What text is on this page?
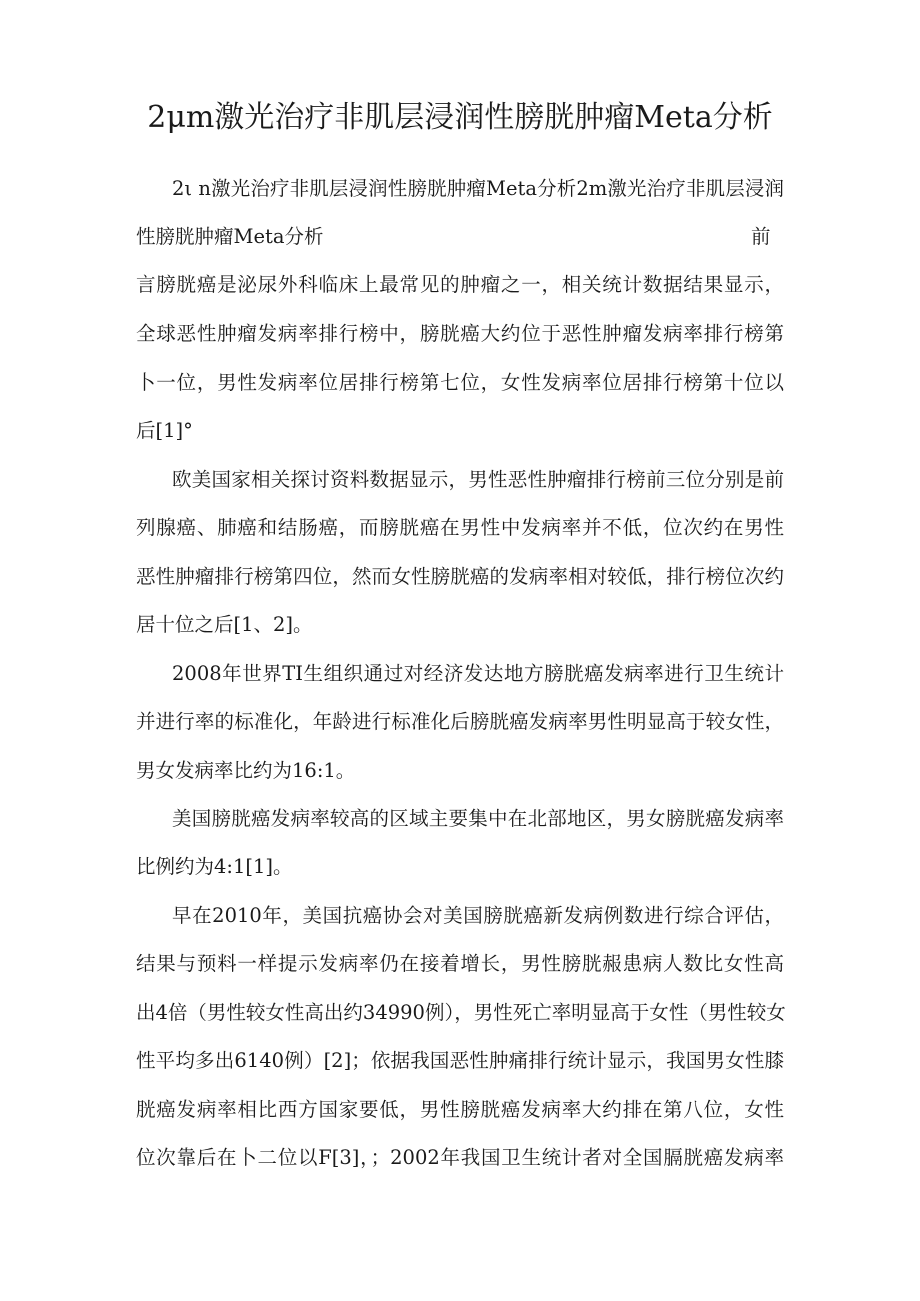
2μm激光治疗非肌层浸润性膀胱肿瘤Meta分析

2ι n激光治疗非肌层浸润性膀胱肿瘤Meta分析2m激光治疗非肌层浸润

性膀胱肿瘤Meta分析	前

言膀胱癌是泌尿外科临床上最常见的肿瘤之一，相关统计数据结果显示，

全球恶性肿瘤发病率排行榜中，膀胱癌大约位于恶性肿瘤发病率排行榜第

卜一位，男性发病率位居排行榜第七位，女性发病率位居排行榜第十位以

后[1]°

欧美国家相关探讨资料数据显示，男性恶性肿瘤排行榜前三位分别是前

列腺癌、肺癌和结肠癌，而膀胱癌在男性中发病率并不低，位次约在男性

恶性肿瘤排行榜第四位，然而女性膀胱癌的发病率相对较低，排行榜位次约

居十位之后[1、2]。

2008年世界TI生组织通过对经济发达地方膀胱癌发病率进行卫生统计

并进行率的标准化，年龄进行标准化后膀胱癌发病率男性明显高于较女性，

男女发病率比约为16:1。

美国膀胱癌发病率较高的区域主要集中在北部地区，男女膀胱癌发病率

比例约为4:1[1]。

早在2010年，美国抗癌协会对美国膀胱癌新发病例数进行综合评估，

结果与预料一样提示发病率仍在接着增长，男性膀胱赧患病人数比女性高

出4倍（男性较女性高出约34990例），男性死亡率明显高于女性（男性较女

性平均多出6140例）[2]；依据我国恶性肿痛排行统计显示，我国男女性膝

胱癌发病率相比西方国家要低，男性膀胱癌发病率大约排在第八位，女性

位次靠后在卜二位以F[3]，；2002年我国卫生统计者对全国膈胱癌发病率
